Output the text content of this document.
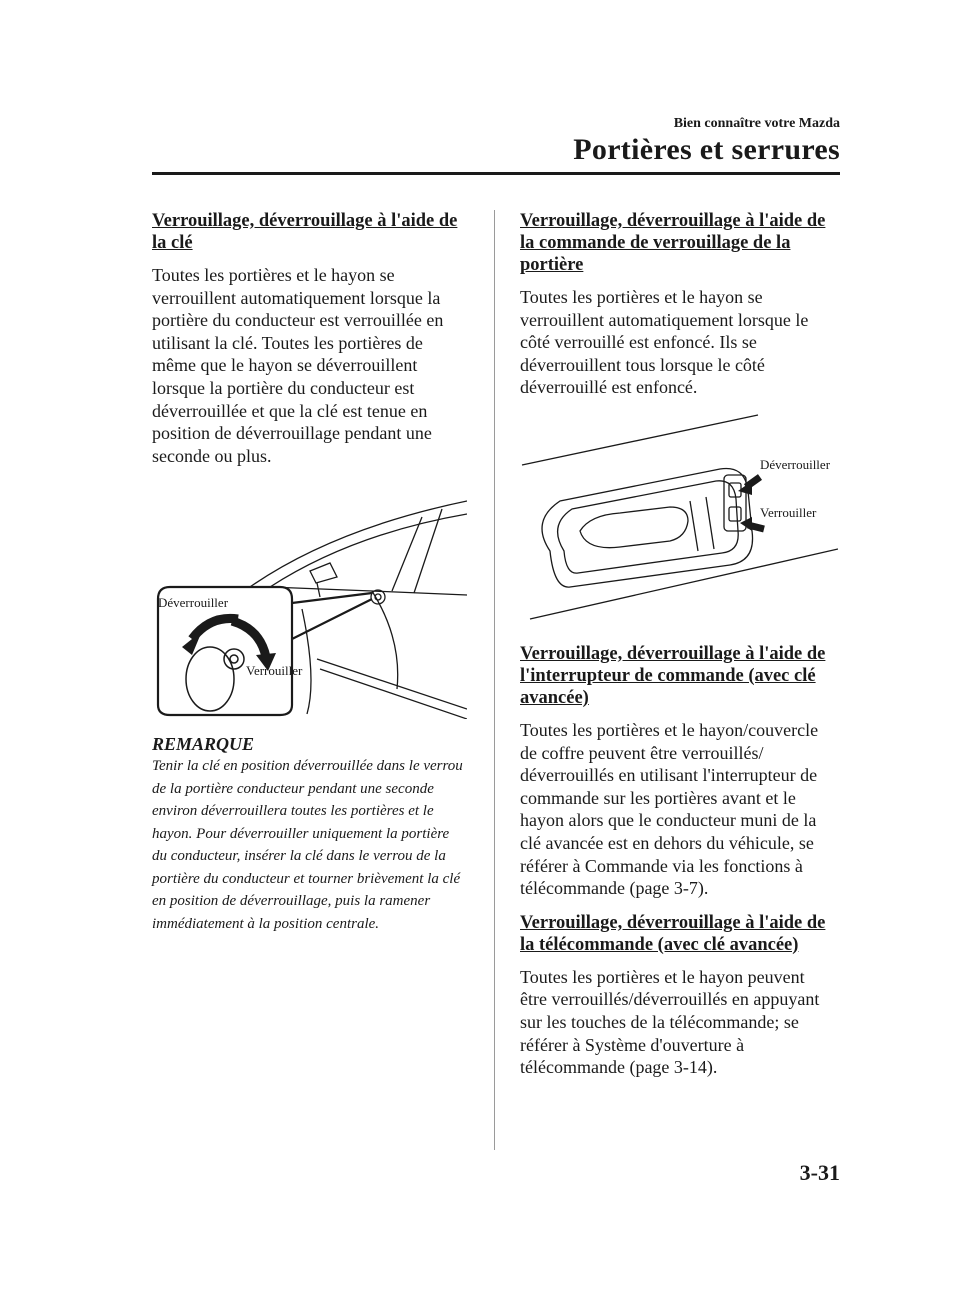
Bien connaître votre Mazda
Portières et serrures
Verrouillage, déverrouillage à l'aide de la clé

Toutes les portières et le hayon se verrouillent automatiquement lorsque la portière du conducteur est verrouillée en utilisant la clé. Toutes les portières de même que le hayon se déverrouillent lorsque la portière du conducteur est déverrouillée et que la clé est tenue en position de déverrouillage pendant une seconde ou plus.

Déverrouiller
Verrouiller
REMARQUE

Tenir la clé en position déverrouillée dans le verrou de la portière conducteur pendant une seconde environ déverrouillera toutes les portières et le hayon. Pour déverrouiller uniquement la portière du conducteur, insérer la clé dans le verrou de la portière du conducteur et tourner brièvement la clé en position de déverrouillage, puis la ramener immédiatement à la position centrale.

Verrouillage, déverrouillage à l'aide de la commande de verrouillage de la portière

Toutes les portières et le hayon se verrouillent automatiquement lorsque le côté verrouillé est enfoncé. Ils se déverrouillent tous lorsque le côté déverrouillé est enfoncé.

Déverrouiller
Verrouiller
Verrouillage, déverrouillage à l'aide de l'interrupteur de commande (avec clé avancée)

Toutes les portières et le hayon/couvercle de coffre peuvent être verrouillés/ déverrouillés en utilisant l'interrupteur de commande sur les portières avant et le hayon alors que le conducteur muni de la clé avancée est en dehors du véhicule, se référer à Commande via les fonctions à télécommande (page 3-7).

Verrouillage, déverrouillage à l'aide de la télécommande (avec clé avancée)

Toutes les portières et le hayon peuvent être verrouillés/déverrouillés en appuyant sur les touches de la télécommande; se référer à Système d'ouverture à télécommande (page 3-14).

3-31
